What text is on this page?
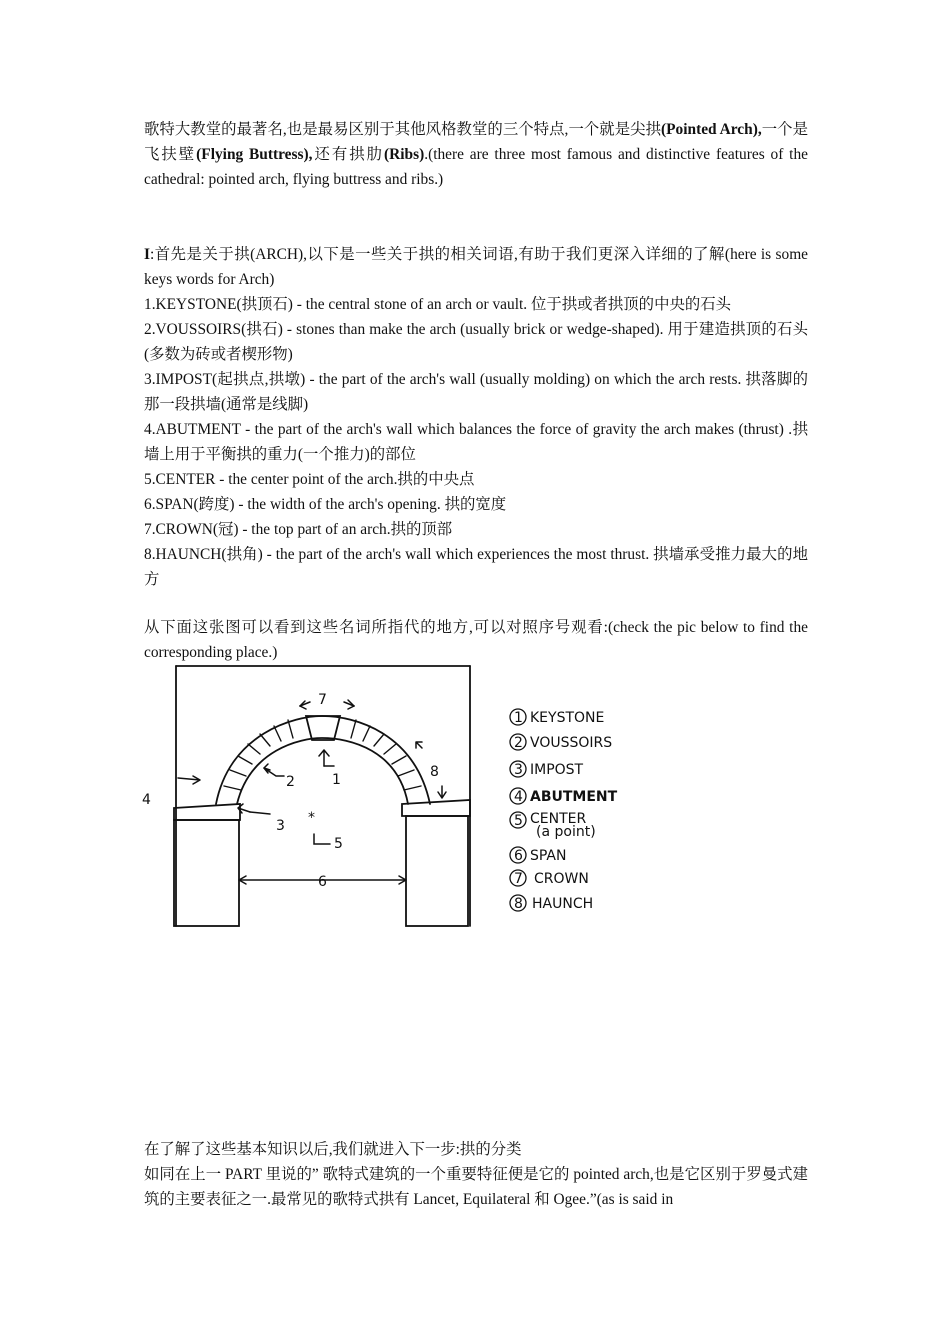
歌特大教堂的最著名,也是最易区别于其他风格教堂的三个特点,一个就是尖拱(Pointed Arch),一个是飞扶壁(Flying Buttress),还有拱肋(Ribs).(there are three most famous and distinctive features of the cathedral: pointed arch, flying buttress and ribs.)

I:首先是关于拱(ARCH),以下是一些关于拱的相关词语,有助于我们更深入详细的了解(here is some keys words for Arch)

1.KEYSTONE(拱顶石) - the central stone of an arch or vault. 位于拱或者拱顶的中央的石头

2.VOUSSOIRS(拱石) - stones than make the arch (usually brick or wedge-shaped). 用于建造拱顶的石头(多数为砖或者楔形物)

3.IMPOST(起拱点,拱墩) - the part of the arch's wall (usually molding) on which the arch rests. 拱落脚的那一段拱墙(通常是线脚)

4.ABUTMENT - the part of the arch's wall which balances the force of gravity the arch makes (thrust) .拱墙上用于平衡拱的重力(一个推力)的部位

5.CENTER - the center point of the arch.拱的中央点

6.SPAN(跨度) - the width of the arch's opening. 拱的宽度

7.CROWN(冠) - the top part of an arch.拱的顶部

8.HAUNCH(拱角) - the part of the arch's wall which experiences the most thrust. 拱墙承受推力最大的地方

从下面这张图可以看到这些名词所指代的地方,可以对照序号观看:(check the pic below to find the corresponding place.)

7
1
2
3
4
*
5
6
8
1 KEYSTONE
2 VOUSSOIRS
3 IMPOST
4 ABUTMENT
5 CENTER
(a point)
6 SPAN
7 CROWN
8 HAUNCH

在了解了这些基本知识以后,我们就进入下一步:拱的分类

如同在上一 PART 里说的” 歌特式建筑的一个重要特征便是它的 pointed arch,也是它区别于罗曼式建筑的主要表征之一.最常见的歌特式拱有 Lancet, Equilateral 和 Ogee.”(as is said in
